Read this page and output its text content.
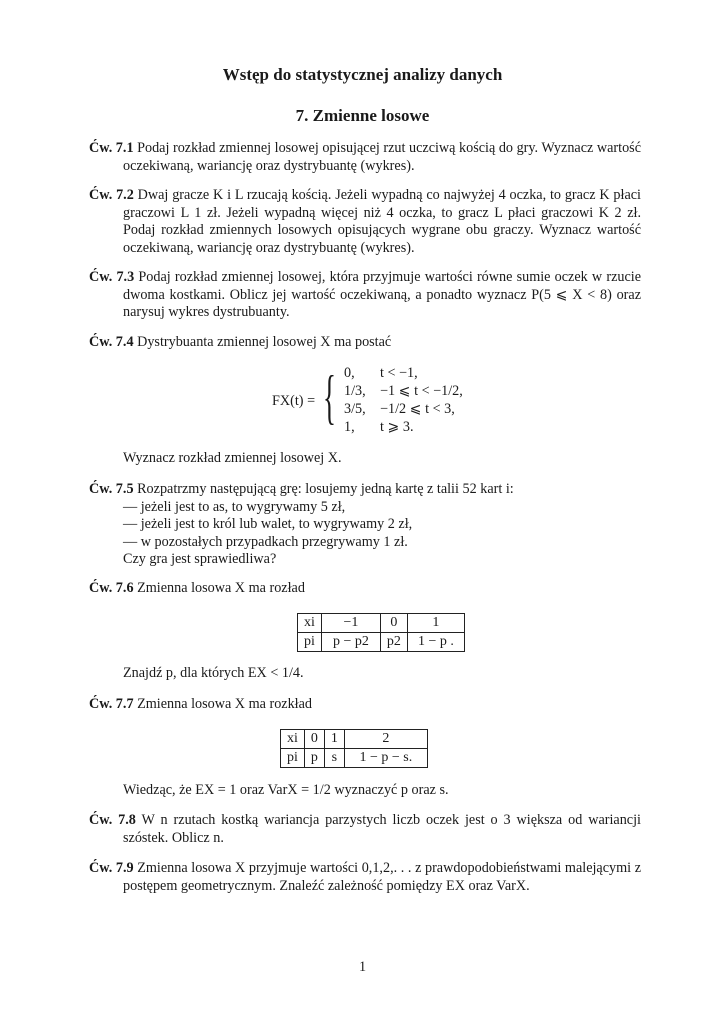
Wstęp do statystycznej analizy danych
7. Zmienne losowe

Ćw. 7.1 Podaj rozkład zmiennej losowej opisującej rzut uczciwą kością do gry. Wyznacz wartość oczekiwaną, wariancję oraz dystrybuantę (wykres).

Ćw. 7.2 Dwaj gracze K i L rzucają kością. Jeżeli wypadną co najwyżej 4 oczka, to gracz K płaci graczowi L 1 zł. Jeżeli wypadną więcej niż 4 oczka, to gracz L płaci graczowi K 2 zł. Podaj rozkład zmiennych losowych opisujących wygrane obu graczy. Wyznacz wartość oczekiwaną, wariancję oraz dystrybuantę (wykres).

Ćw. 7.3 Podaj rozkład zmiennej losowej, która przyjmuje wartości równe sumie oczek w rzucie dwoma kostkami. Oblicz jej wartość oczekiwaną, a ponadto wyznacz P(5 ⩽ X < 8) oraz narysuj wykres dystrubuanty.

Ćw. 7.4 Dystrybuanta zmiennej losowej X ma postać

FX(t) = { 0, t < −1,
1/3, −1 ⩽ t < −1/2,
3/5, −1/2 ⩽ t < 3,
1, t ⩾ 3.

Wyznacz rozkład zmiennej losowej X.

Ćw. 7.5 Rozpatrzmy następującą grę: losujemy jedną kartę z talii 52 kart i:

— jeżeli jest to as, to wygrywamy 5 zł,

— jeżeli jest to król lub walet, to wygrywamy 2 zł,

— w pozostałych przypadkach przegrywamy 1 zł.

Czy gra jest sprawiedliwa?

Ćw. 7.6 Zmienna losowa X ma rozład

xi	−1	0	1
pi	p − p2	p2	1 − p .

Znajdź p, dla których EX < 1/4.

Ćw. 7.7 Zmienna losowa X ma rozkład

xi	0	1	2
pi	p	s	1 − p − s.

Wiedząc, że EX = 1 oraz VarX = 1/2 wyznaczyć p oraz s.

Ćw. 7.8 W n rzutach kostką wariancja parzystych liczb oczek jest o 3 większa od wariancji szóstek. Oblicz n.

Ćw. 7.9 Zmienna losowa X przyjmuje wartości 0,1,2,. . . z prawdopodobieństwami malejącymi z postępem geometrycznym. Znaleźć zależność pomiędzy EX oraz VarX.

1
